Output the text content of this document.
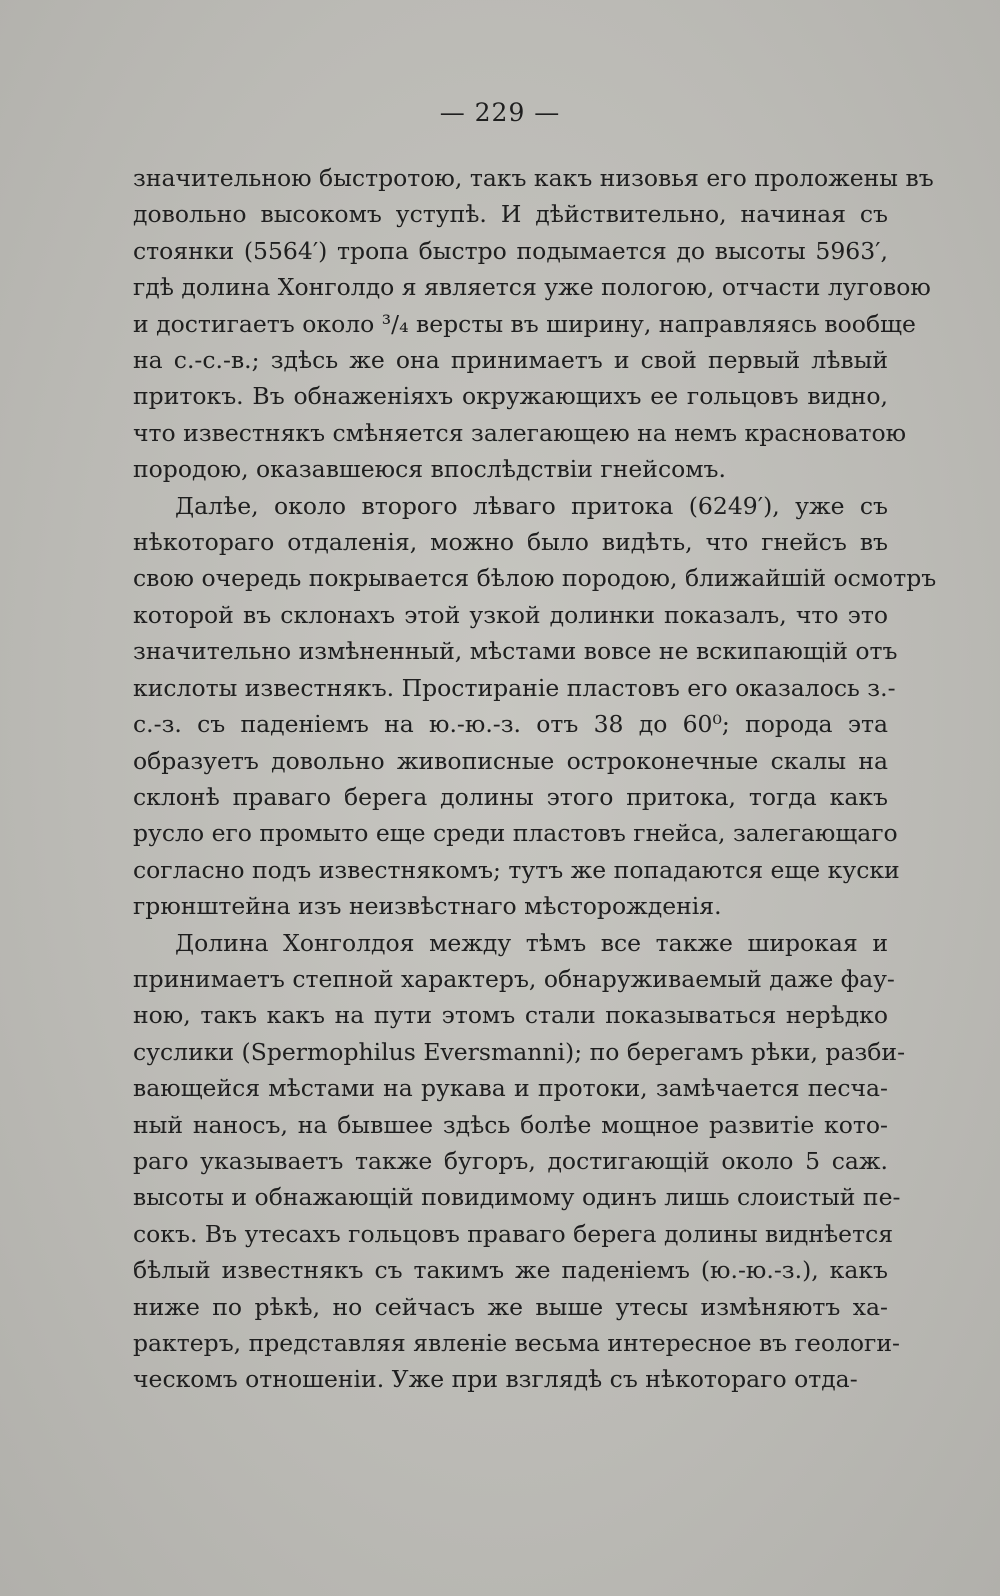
— 229 —
значительною быстротою, такъ какъ низовья его проложены въ
довольно высокомъ уступѣ. И дѣйствительно, начиная съ
стоянки (5564′) тропа быстро подымается до высоты 5963′,
гдѣ долина Хонголдо я является уже пологою, отчасти луговою
и достигаетъ около ³/₄ версты въ ширину, направляясь вообще
на с.-с.-в.; здѣсь же она принимаетъ и свой первый лѣвый
притокъ. Въ обнаженіяхъ окружающихъ ее гольцовъ видно,
что известнякъ смѣняется залегающею на немъ красноватою
породою, оказавшеюся впослѣдствіи гнейсомъ.
Далѣе, около второго лѣваго притока (6249′), уже съ
нѣкотораго отдаленія, можно было видѣть, что гнейсъ въ
свою очередь покрывается бѣлою породою, ближайшій осмотръ
которой въ склонахъ этой узкой долинки показалъ, что это
значительно измѣненный, мѣстами вовсе не вскипающій отъ
кислоты известнякъ. Простираніе пластовъ его оказалось з.-
с.-з. съ паденіемъ на ю.-ю.-з. отъ 38 до 60⁰; порода эта
образуетъ довольно живописные остроконечные скалы на
склонѣ праваго берега долины этого притока, тогда какъ
русло его промыто еще среди пластовъ гнейса, залегающаго
согласно подъ известнякомъ; тутъ же попадаются еще куски
грюнштейна изъ неизвѣстнаго мѣсторожденія.
Долина Хонголдоя между тѣмъ все также широкая и
принимаетъ степной характеръ, обнаруживаемый даже фау-
ною, такъ какъ на пути этомъ стали показываться нерѣдко
суслики (Spermophilus Eversmanni); по берегамъ рѣки, разби-
вающейся мѣстами на рукава и протоки, замѣчается песча-
ный наносъ, на бывшее здѣсь болѣе мощное развитіе кото-
раго указываетъ также бугоръ, достигающій около 5 саж.
высоты и обнажающій повидимому одинъ лишь слоистый пе-
сокъ. Въ утесахъ гольцовъ праваго берега долины виднѣется
бѣлый известнякъ съ такимъ же паденіемъ (ю.-ю.-з.), какъ
ниже по рѣкѣ, но сейчасъ же выше утесы измѣняютъ ха-
рактеръ, представляя явленіе весьма интересное въ геологи-
ческомъ отношеніи. Уже при взглядѣ съ нѣкотораго отда-
